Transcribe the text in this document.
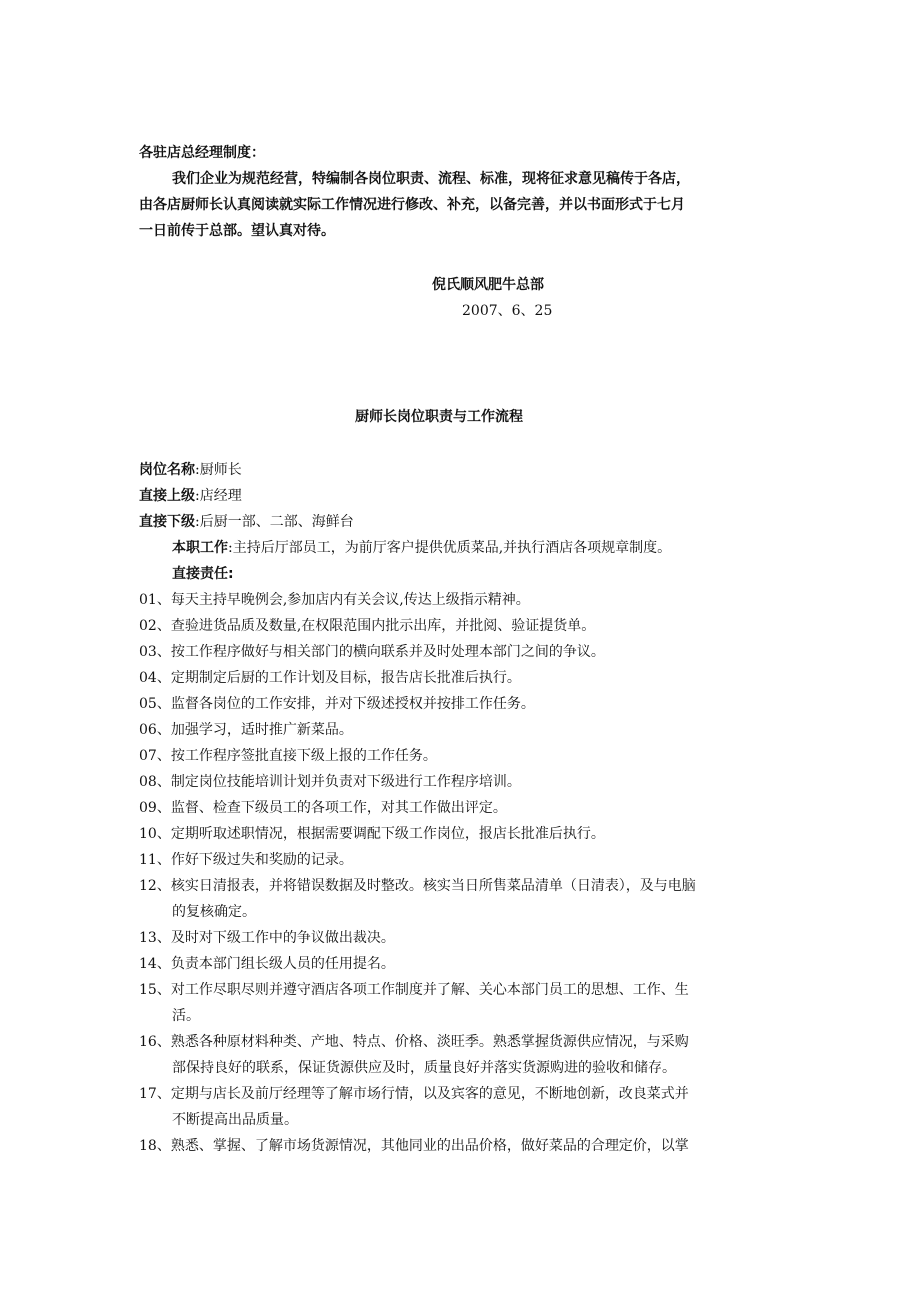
各驻店总经理制度：
我们企业为规范经营，特编制各岗位职责、流程、标准，现将征求意见稿传于各店，
由各店厨师长认真阅读就实际工作情况进行修改、补充，以备完善，并以书面形式于七月
一日前传于总部。望认真对待。
倪氏顺风肥牛总部
2007、6、25
厨师长岗位职责与工作流程
岗位名称:厨师长
直接上级:店经理
直接下级:后厨一部、二部、海鲜台
本职工作:主持后厅部员工，为前厅客户提供优质菜品,并执行酒店各项规章制度。
直接责任:
01、每天主持早晚例会,参加店内有关会议,传达上级指示精神。
02、查验进货品质及数量,在权限范围内批示出库，并批阅、验证提货单。
03、按工作程序做好与相关部门的横向联系并及时处理本部门之间的争议。
04、定期制定后厨的工作计划及目标，报告店长批准后执行。
05、监督各岗位的工作安排，并对下级述授权并按排工作任务。
06、加强学习，适时推广新菜品。
07、按工作程序签批直接下级上报的工作任务。
08、制定岗位技能培训计划并负责对下级进行工作程序培训。
09、监督、检查下级员工的各项工作，对其工作做出评定。
10、定期听取述职情况，根据需要调配下级工作岗位，报店长批准后执行。
11、作好下级过失和奖励的记录。
12、核实日清报表，并将错误数据及时整改。核实当日所售菜品清单（日清表），及与电脑
的复核确定。
13、及时对下级工作中的争议做出裁决。
14、负责本部门组长级人员的任用提名。
15、对工作尽职尽则并遵守酒店各项工作制度并了解、关心本部门员工的思想、工作、生
活。
16、熟悉各种原材料种类、产地、特点、价格、淡旺季。熟悉掌握货源供应情况，与采购
部保持良好的联系，保证货源供应及时，质量良好并落实货源购进的验收和储存。
17、定期与店长及前厅经理等了解市场行情，以及宾客的意见，不断地创新，改良菜式并
不断提高出品质量。
18、熟悉、掌握、了解市场货源情况，其他同业的出品价格，做好菜品的合理定价，以掌
